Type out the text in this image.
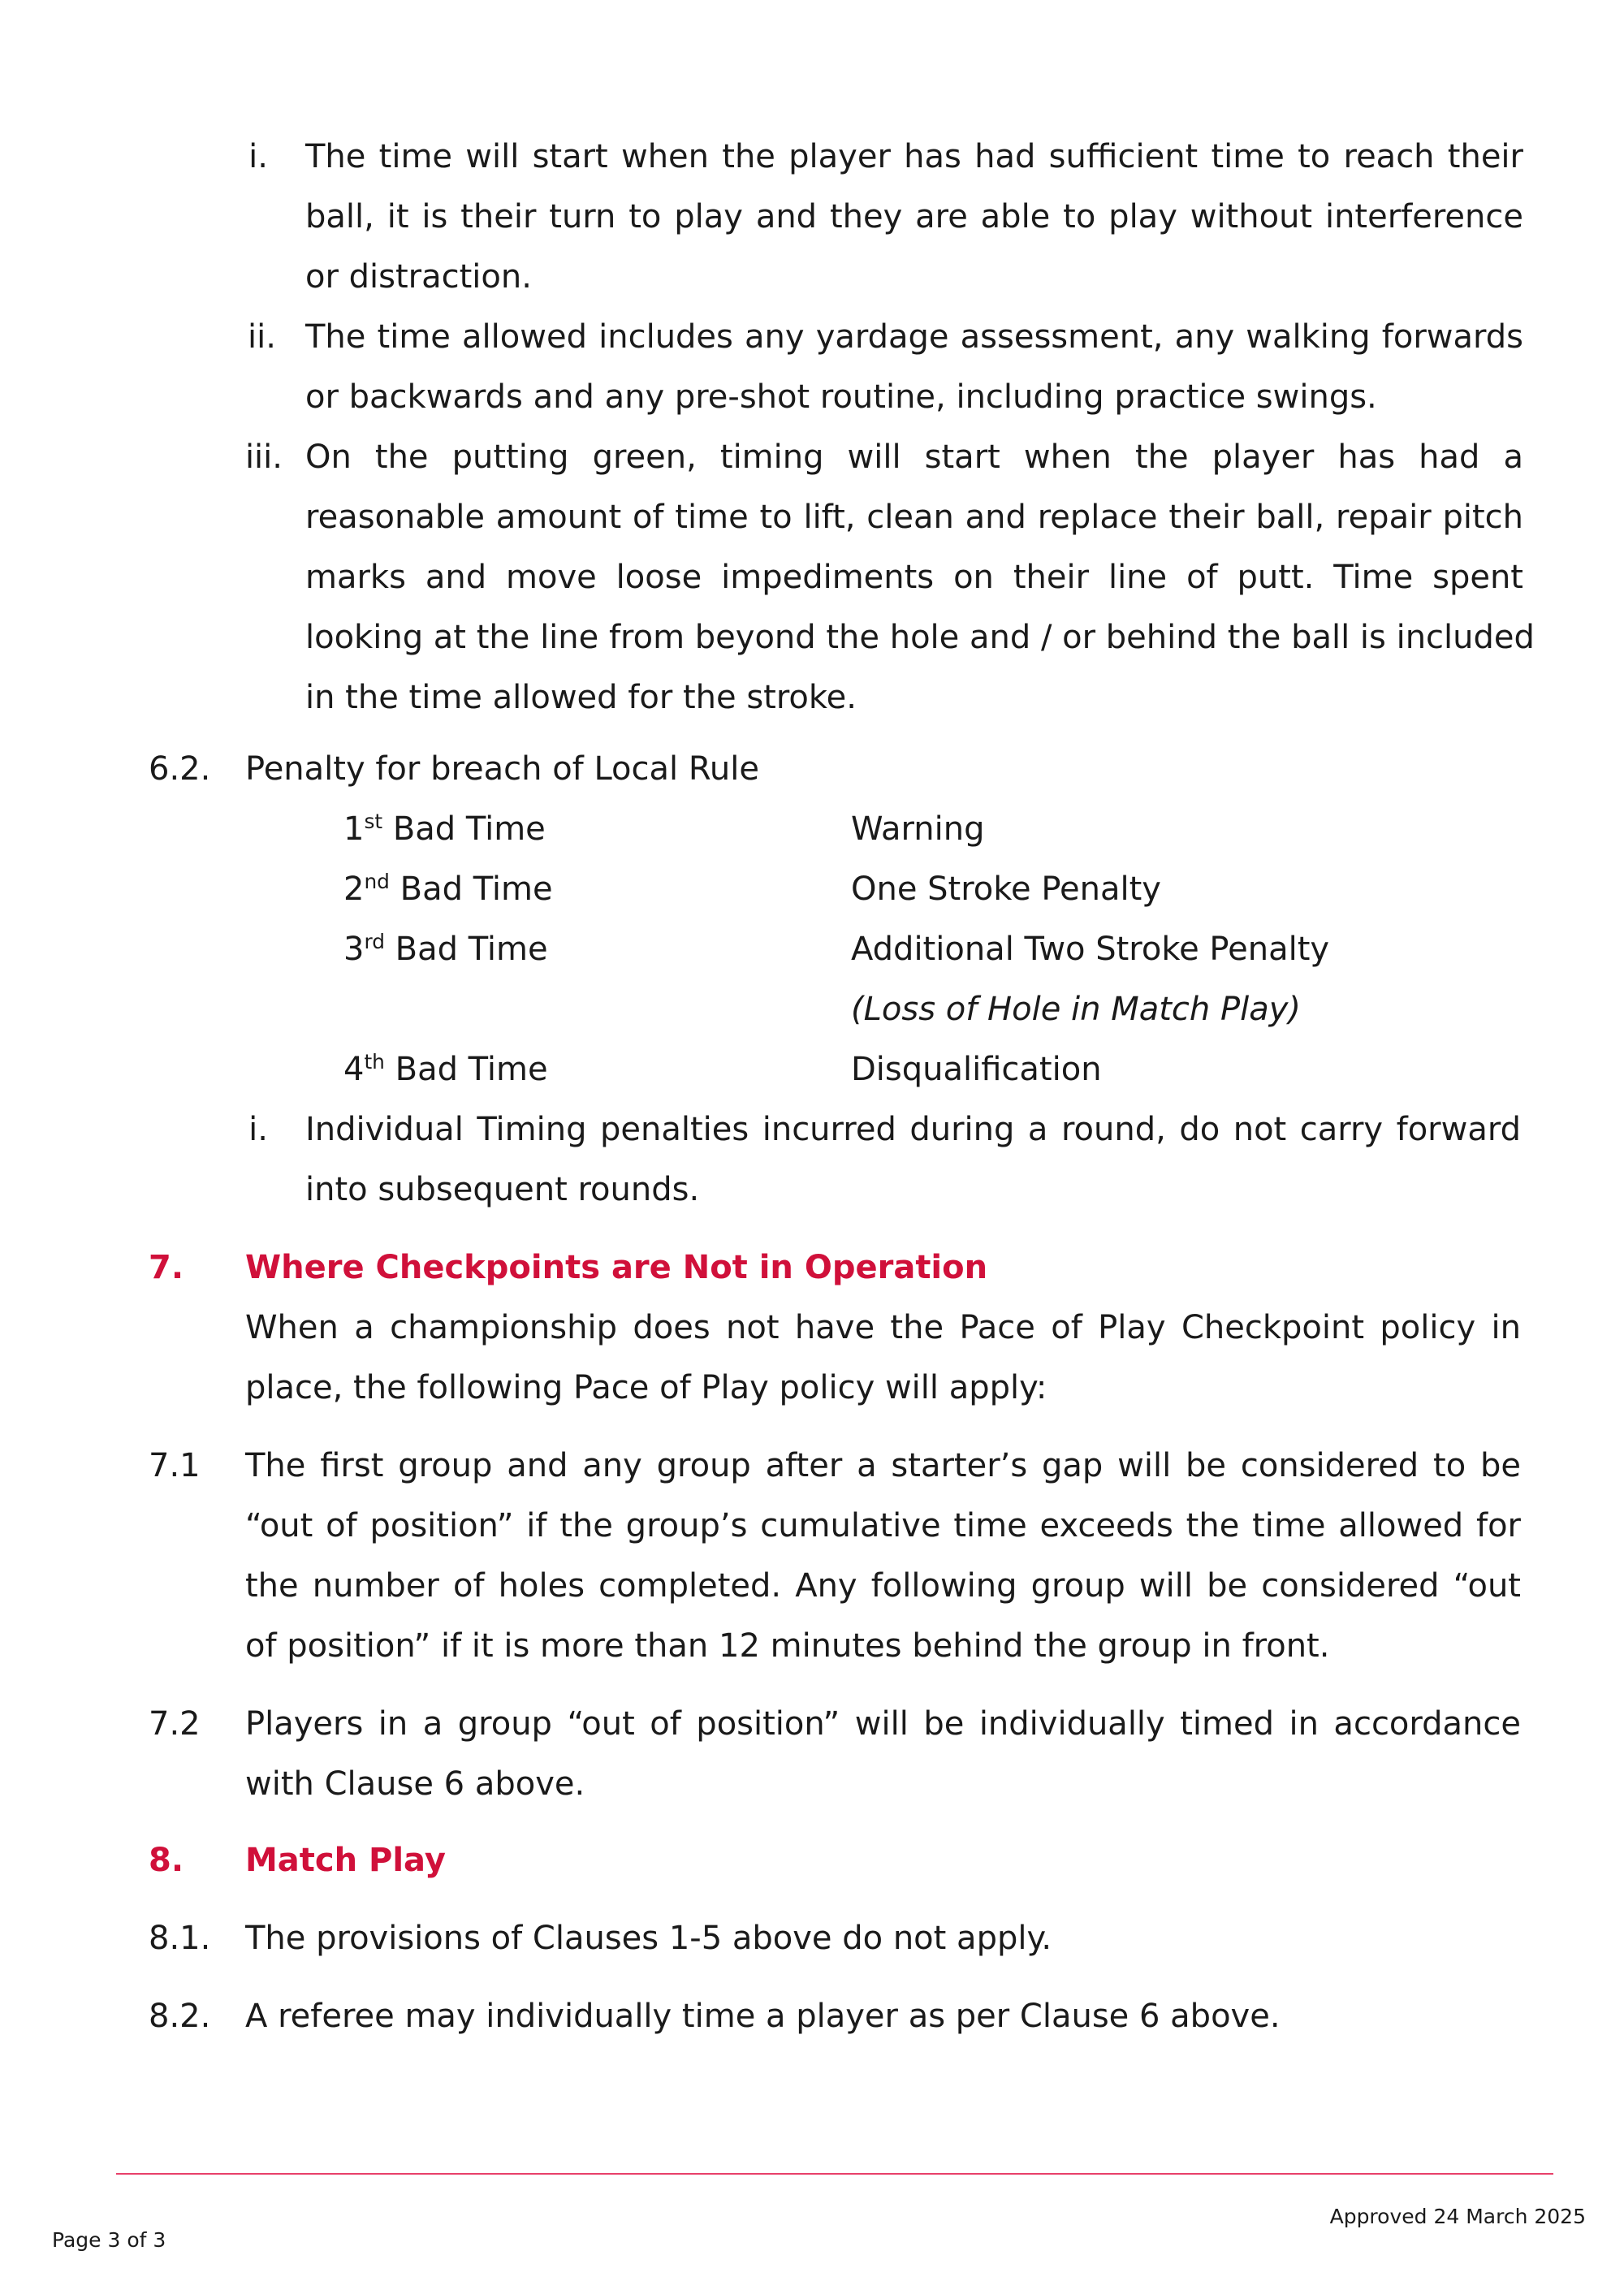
i. The time will start when the player has had sufficient time to reach their
ball, it is their turn to play and they are able to play without interference
or distraction.
ii. The time allowed includes any yardage assessment, any walking forwards
or backwards and any pre-shot routine, including practice swings.
iii. On the putting green, timing will start when the player has had a
reasonable amount of time to lift, clean and replace their ball, repair pitch
marks and move loose impediments on their line of putt. Time spent
looking at the line from beyond the hole and / or behind the ball is included
in the time allowed for the stroke.
6.2. Penalty for breach of Local Rule
1st Bad Time	Warning
2nd Bad Time	One Stroke Penalty
3rd Bad Time	Additional Two Stroke Penalty
(Loss of Hole in Match Play)
4th Bad Time	Disqualification
i. Individual Timing penalties incurred during a round, do not carry forward
into subsequent rounds.
7. Where Checkpoints are Not in Operation
When a championship does not have the Pace of Play Checkpoint policy in
place, the following Pace of Play policy will apply:
7.1 The first group and any group after a starter’s gap will be considered to be
“out of position” if the group’s cumulative time exceeds the time allowed for
the number of holes completed. Any following group will be considered “out
of position” if it is more than 12 minutes behind the group in front.
7.2 Players in a group “out of position” will be individually timed in accordance
with Clause 6 above.
8. Match Play
8.1. The provisions of Clauses 1-5 above do not apply.
8.2. A referee may individually time a player as per Clause 6 above.
Page 3 of 3
Approved 24 March 2025
